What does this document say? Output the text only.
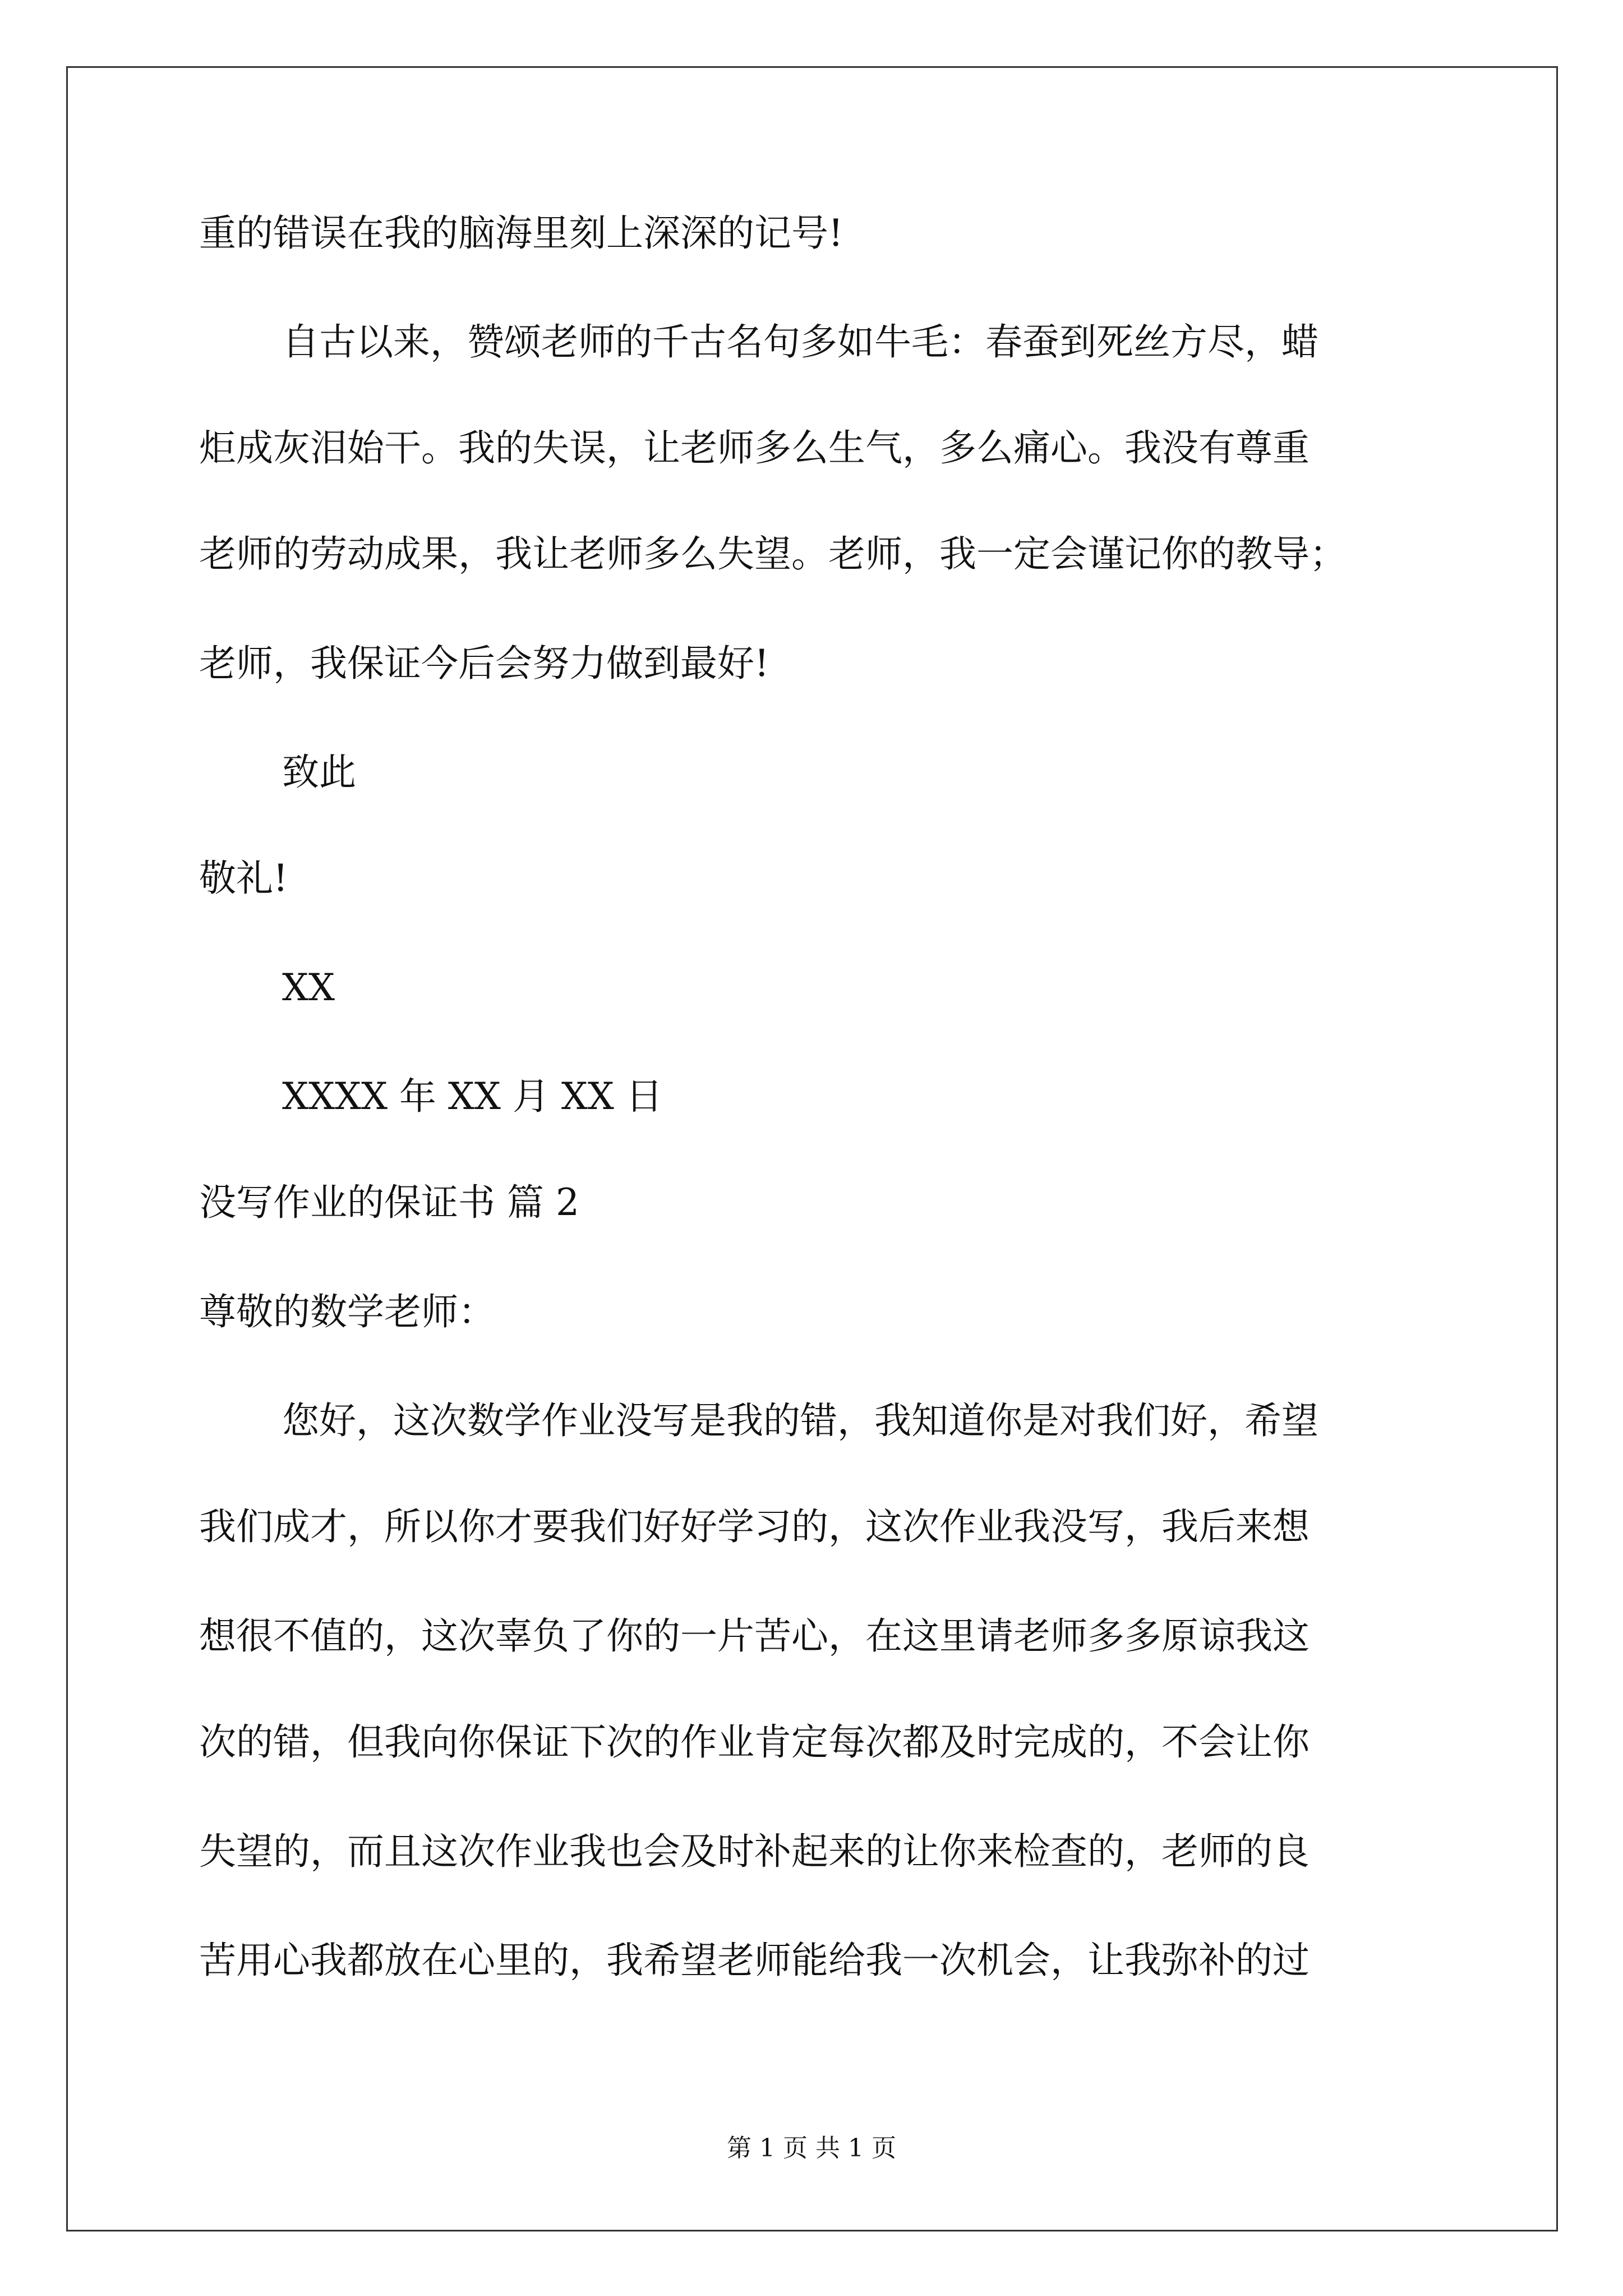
重的错误在我的脑海里刻上深深的记号!
自古以来，赞颂老师的千古名句多如牛毛：春蚕到死丝方尽，蜡
炬成灰泪始干。我的失误，让老师多么生气，多么痛心。我没有尊重
老师的劳动成果，我让老师多么失望。老师，我一定会谨记你的教导；
老师，我保证今后会努力做到最好!
致此
敬礼!
XX
XXXX 年 XX 月 XX 日
没写作业的保证书 篇 2
尊敬的数学老师：
您好，这次数学作业没写是我的错，我知道你是对我们好，希望
我们成才，所以你才要我们好好学习的，这次作业我没写，我后来想
想很不值的，这次辜负了你的一片苦心，在这里请老师多多原谅我这
次的错，但我向你保证下次的作业肯定每次都及时完成的，不会让你
失望的，而且这次作业我也会及时补起来的让你来检查的，老师的良
苦用心我都放在心里的，我希望老师能给我一次机会，让我弥补的过
第 1 页 共 1 页
